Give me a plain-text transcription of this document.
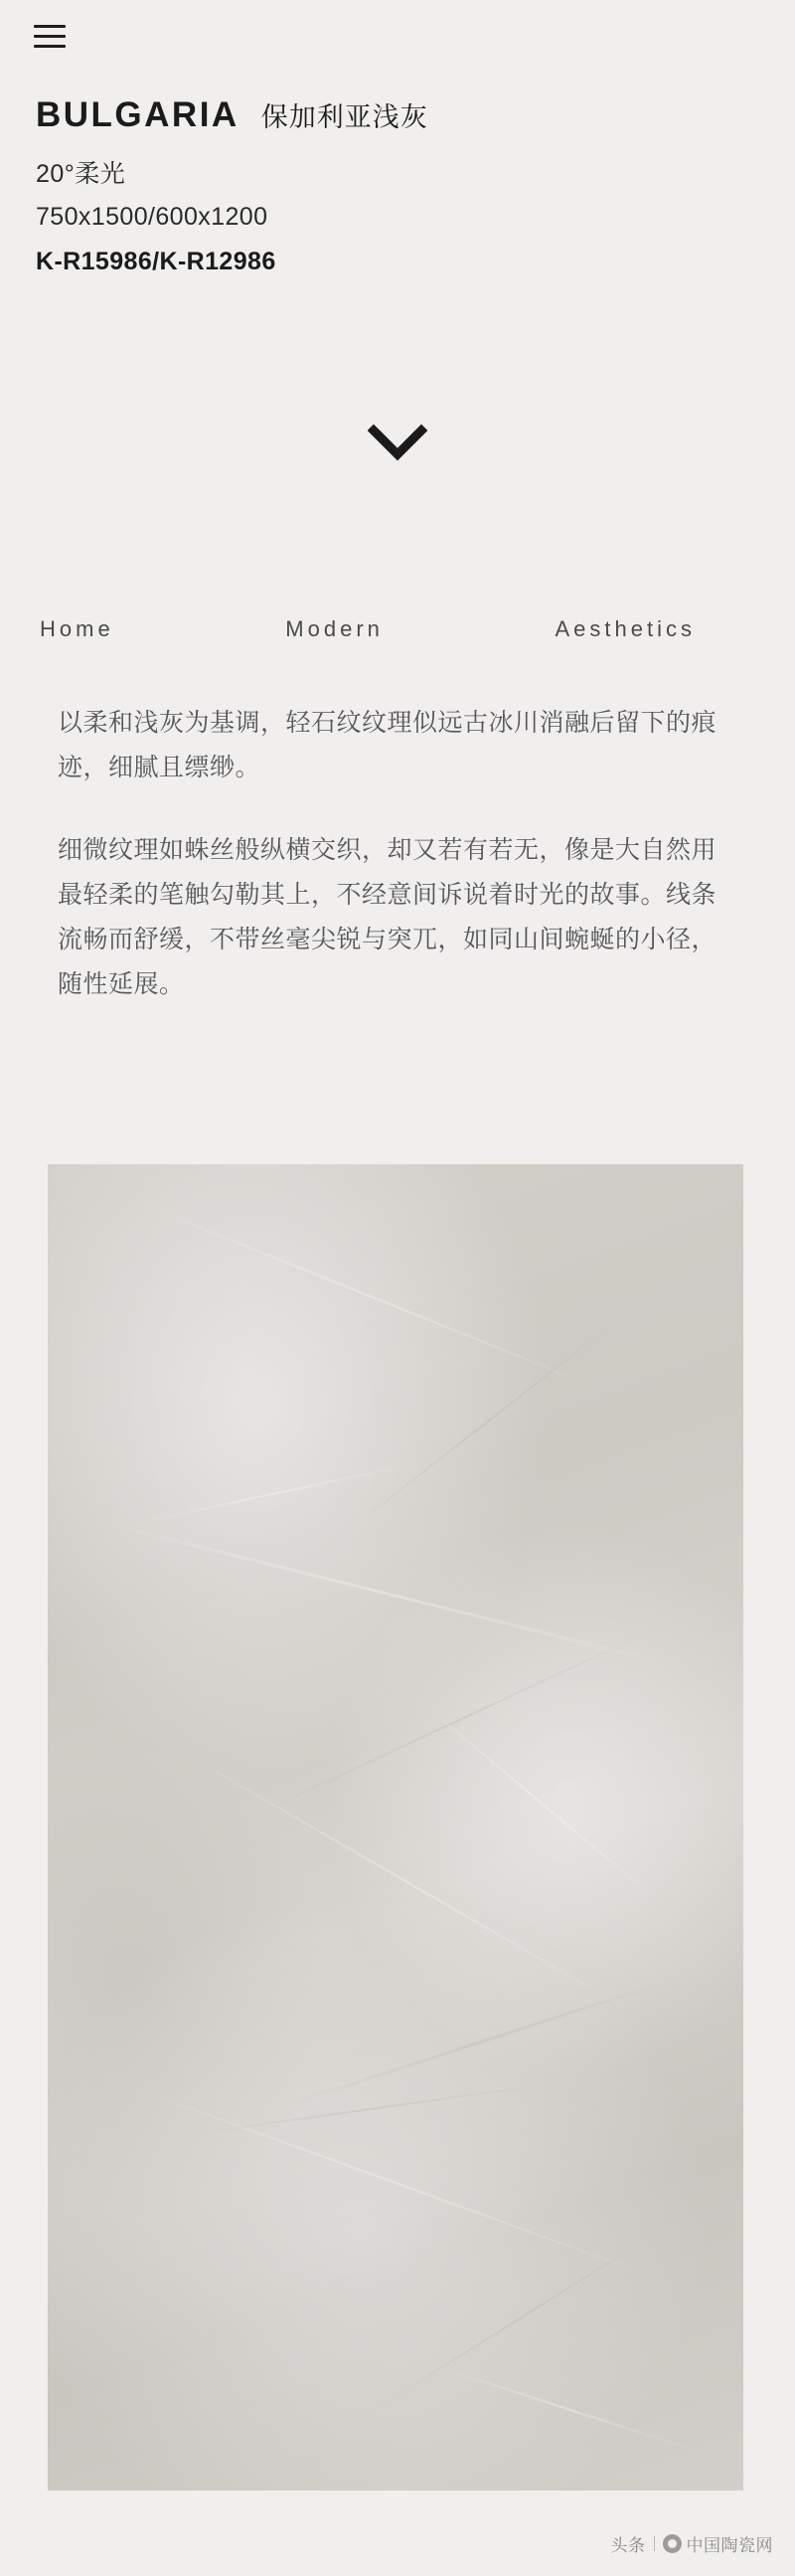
BULGARIA 保加利亚浅灰
20°柔光
750x1500/600x1200
K-R15986/K-R12986
Home	Modern	Aesthetics

以柔和浅灰为基调，轻石纹纹理似远古冰川消融后留下的痕迹，细腻且缥缈。

细微纹理如蛛丝般纵横交织，却又若有若无，像是大自然用最轻柔的笔触勾勒其上，不经意间诉说着时光的故事。线条流畅而舒缓，不带丝毫尖锐与突兀，如同山间蜿蜒的小径，随性延展。

头条 中国陶瓷网
